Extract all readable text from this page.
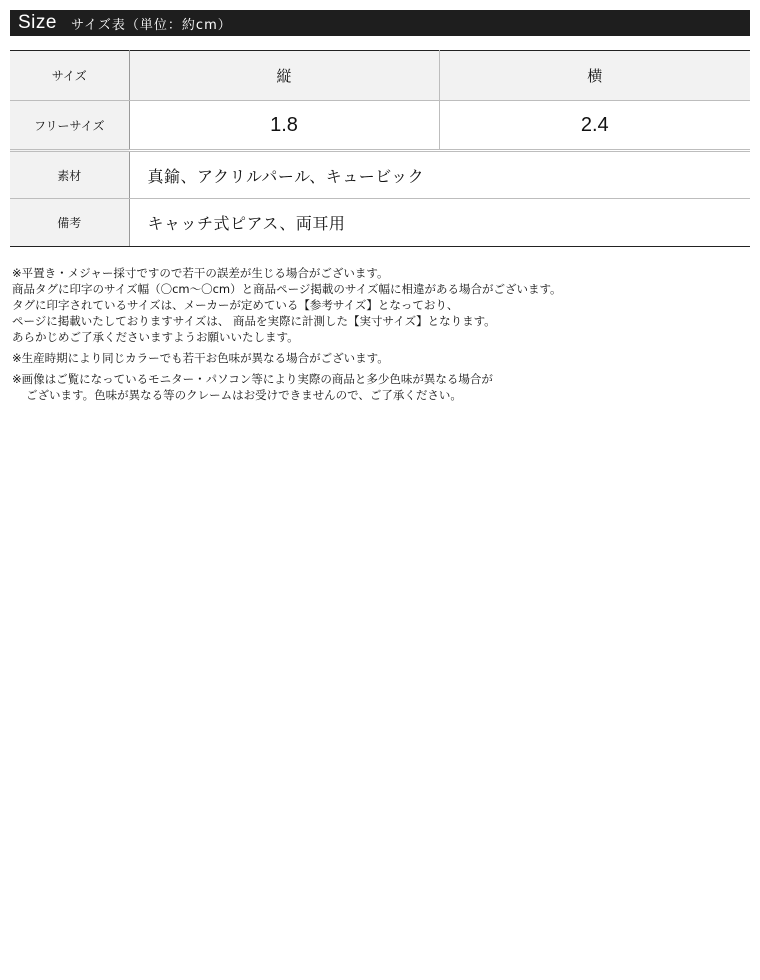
Size サイズ表（単位：約cm）
サイズ	縦	横
フリーサイズ	1.8	2.4
素材	真鍮、アクリルパール、キュービック	
備考	キャッチ式ピアス、両耳用	
※平置き・メジャー採寸ですので若干の誤差が生じる場合がございます。
商品タグに印字のサイズ幅（〇cm〜〇cm）と商品ページ掲載のサイズ幅に相違がある場合がございます。
タグに印字されているサイズは、メーカーが定めている【参考サイズ】となっており、
ページに掲載いたしておりますサイズは、 商品を実際に計測した【実寸サイズ】となります。
あらかじめご了承くださいますようお願いいたします。
※生産時期により同じカラーでも若干お色味が異なる場合がございます。
※画像はご覧になっているモニター・パソコン等により実際の商品と多少色味が異なる場合が
ございます。色味が異なる等のクレームはお受けできませんので、ご了承ください。
